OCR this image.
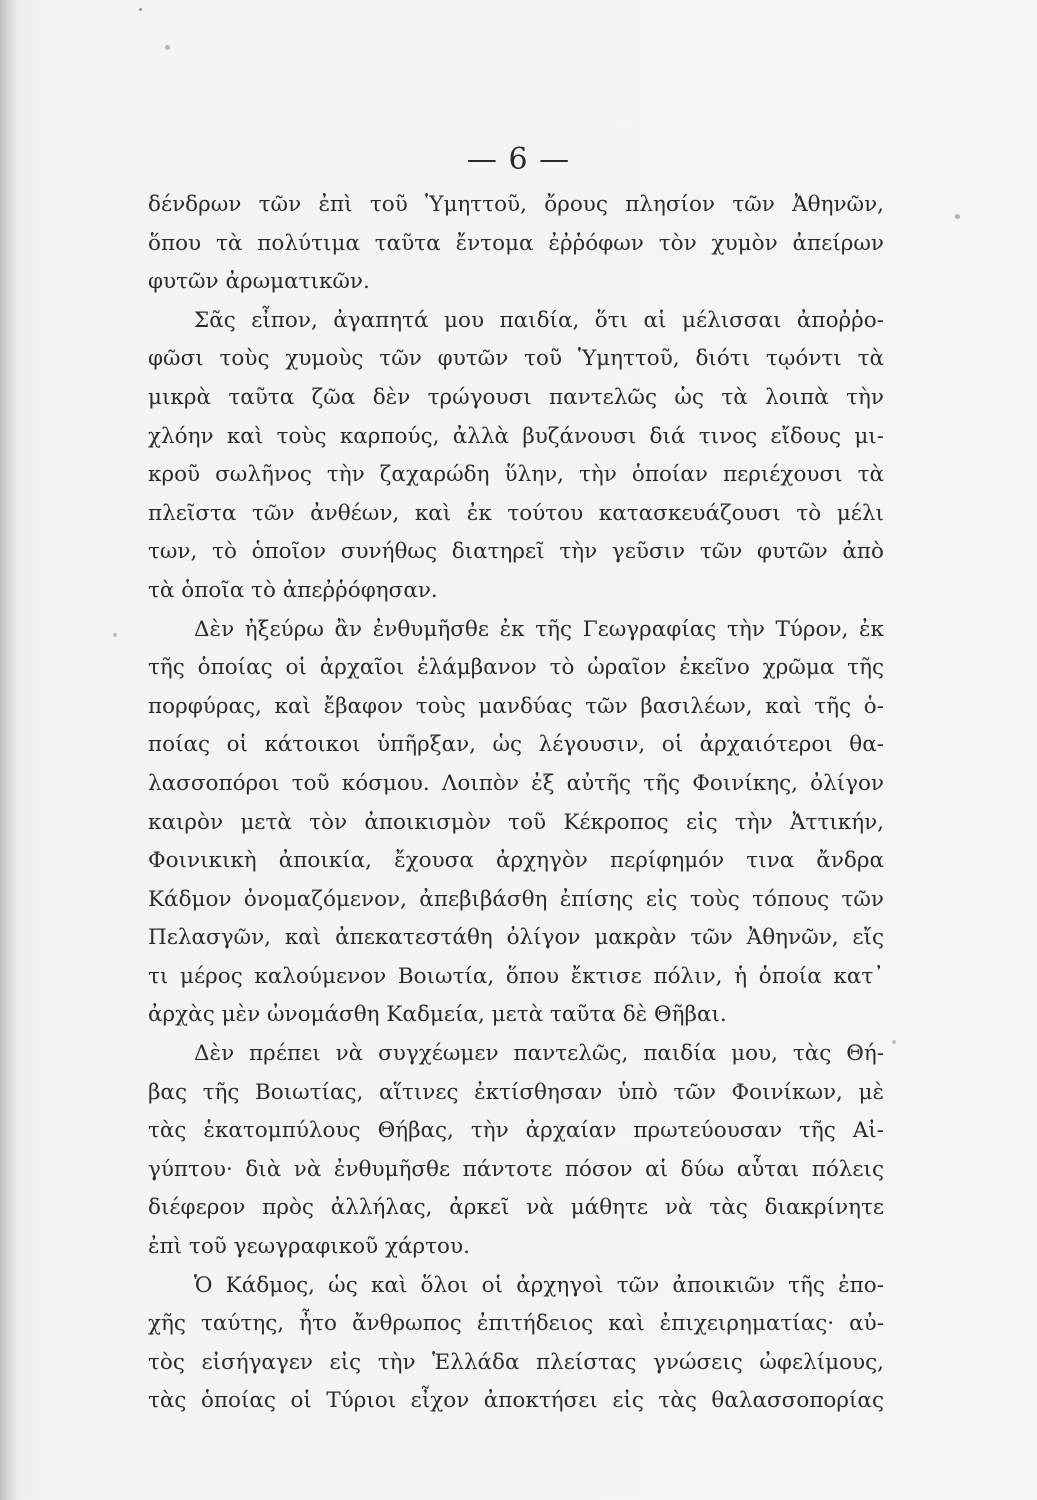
— 6 —
δένδρων τῶν ἐπὶ τοῦ Ὑμηττοῦ, ὄρους πλησίον τῶν Ἀθηνῶν,
ὅπου τὰ πολύτιμα ταῦτα ἔντομα ἐῤῥόφων τὸν χυμὸν ἀπείρων
φυτῶν ἀρωματικῶν.
Σᾶς εἶπον, ἀγαπητά μου παιδία, ὅτι αἱ μέλισσαι ἀποῤῥο-
φῶσι τοὺς χυμοὺς τῶν φυτῶν τοῦ Ὑμηττοῦ, διότι τῳόντι τὰ
μικρὰ ταῦτα ζῶα δὲν τρώγουσι παντελῶς ὡς τὰ λοιπὰ τὴν
χλόην καὶ τοὺς καρπούς, ἀλλὰ βυζάνουσι διά τινος εἴδους μι-
κροῦ σωλῆνος τὴν ζαχαρώδη ὕλην, τὴν ὁποίαν περιέχουσι τὰ
πλεῖστα τῶν ἀνθέων, καὶ ἐκ τούτου κατασκευάζουσι τὸ μέλι
των, τὸ ὁποῖον συνήθως διατηρεῖ τὴν γεῦσιν τῶν φυτῶν ἀπὸ
τὰ ὁποῖα τὸ ἀπεῤῥόφησαν.
Δὲν ἠξεύρω ἂν ἐνθυμῆσθε ἐκ τῆς Γεωγραφίας τὴν Τύρον, ἐκ
τῆς ὁποίας οἱ ἀρχαῖοι ἐλάμβανον τὸ ὡραῖον ἐκεῖνο χρῶμα τῆς
πορφύρας, καὶ ἔβαφον τοὺς μανδύας τῶν βασιλέων, καὶ τῆς ὁ-
ποίας οἱ κάτοικοι ὑπῆρξαν, ὡς λέγουσιν, οἱ ἀρχαιότεροι θα-
λασσοπόροι τοῦ κόσμου. Λοιπὸν ἐξ αὐτῆς τῆς Φοινίκης, ὀλίγον
καιρὸν μετὰ τὸν ἀποικισμὸν τοῦ Κέκροπος εἰς τὴν Ἀττικήν,
Φοινικικὴ ἀποικία, ἔχουσα ἀρχηγὸν περίφημόν τινα ἄνδρα
Κάδμον ὀνομαζόμενον, ἀπεβιβάσθη ἐπίσης εἰς τοὺς τόπους τῶν
Πελασγῶν, καὶ ἀπεκατεστάθη ὀλίγον μακρὰν τῶν Ἀθηνῶν, εἴς
τι μέρος καλούμενον Βοιωτία, ὅπου ἔκτισε πόλιν, ἡ ὁποία κατ᾽
ἀρχὰς μὲν ὠνομάσθη Καδμεία, μετὰ ταῦτα δὲ Θῆβαι.
Δὲν πρέπει νὰ συγχέωμεν παντελῶς, παιδία μου, τὰς Θή-
βας τῆς Βοιωτίας, αἵτινες ἐκτίσθησαν ὑπὸ τῶν Φοινίκων, μὲ
τὰς ἑκατομπύλους Θήβας, τὴν ἀρχαίαν πρωτεύουσαν τῆς Αἰ-
γύπτου· διὰ νὰ ἐνθυμῆσθε πάντοτε πόσον αἱ δύω αὗται πόλεις
διέφερον πρὸς ἀλλήλας, ἀρκεῖ νὰ μάθητε νὰ τὰς διακρίνητε
ἐπὶ τοῦ γεωγραφικοῦ χάρτου.
Ὁ Κάδμος, ὡς καὶ ὅλοι οἱ ἀρχηγοὶ τῶν ἀποικιῶν τῆς ἐπο-
χῆς ταύτης, ἦτο ἄνθρωπος ἐπιτήδειος καὶ ἐπιχειρηματίας· αὐ-
τὸς εἰσήγαγεν εἰς τὴν Ἑλλάδα πλείστας γνώσεις ὠφελίμους,
τὰς ὁποίας οἱ Τύριοι εἶχον ἀποκτήσει εἰς τὰς θαλασσοπορίας
